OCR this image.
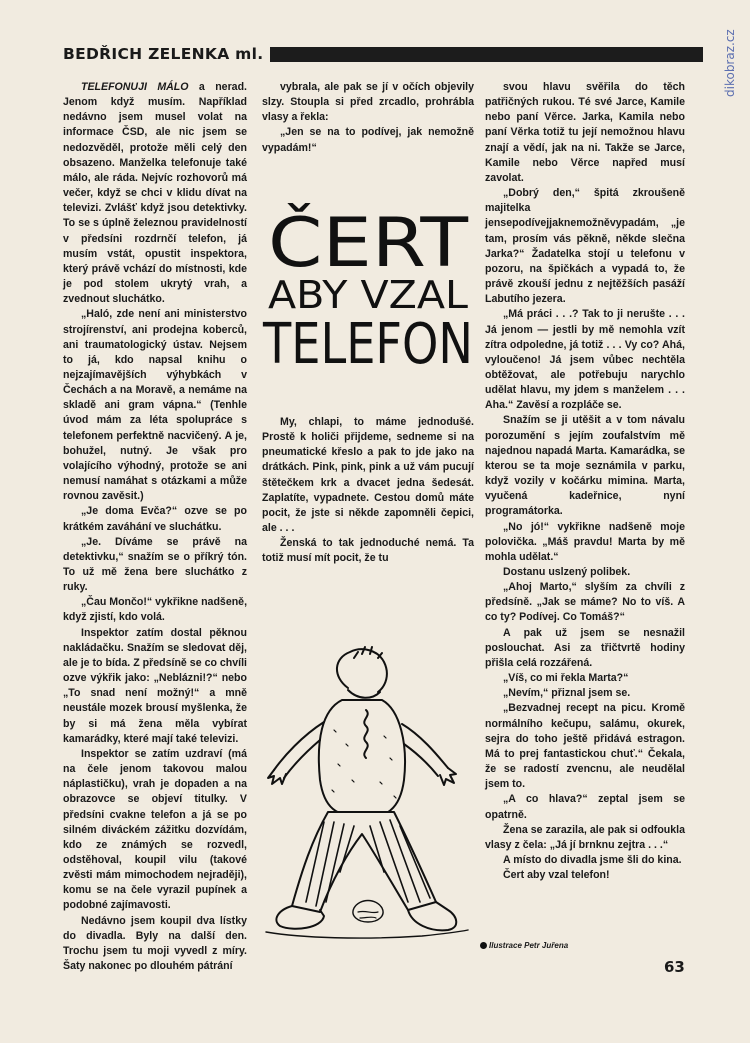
BEDŘICH ZELENKA ml.	dikobraz.cz

TELEFONUJI MÁLO a nerad. Jenom když musím. Například nedávno jsem musel volat na informace ČSD, ale nic jsem se nedozvěděl, protože měli celý den obsazeno. Manželka telefonuje také málo, ale ráda. Nejvíc rozhovorů má večer, když se chci v klidu dívat na televizi. Zvlášť když jsou detektivky. To se s úplně železnou pravidelností v předsíni rozdrnčí telefon, já musím vstát, opustit inspektora, který právě vchází do místnosti, kde je pod stolem ukrytý vrah, a zvednout sluchátko.

„Haló, zde není ani ministerstvo strojírenství, ani prodejna koberců, ani traumatologický ústav. Nejsem to já, kdo napsal knihu o nejzajímavějších výhybkách v Čechách a na Moravě, a nemáme na skladě ani gram vápna.“ (Tenhle úvod mám za léta spolupráce s telefonem perfektně nacvičený. A je, bohužel, nutný. Je však pro volajícího výhodný, protože se ani nemusí namáhat s otázkami a může rovnou zavěsit.)

„Je doma Evča?“ ozve se po krátkém zaváhání ve sluchátku.

„Je. Díváme se právě na detektivku,“ snažím se o příkrý tón. To už mě žena bere sluchátko z ruky.

„Čau Mončo!“ vykřikne nadšeně, když zjistí, kdo volá.

Inspektor zatím dostal pěknou nakládačku. Snažím se sledovat děj, ale je to bída. Z předsíně se co chvíli ozve výkřik jako: „Neblázni!?“ nebo „To snad není možný!“ a mně neustále mozek brousí myšlenka, že by si má žena měla vybírat kamarádky, které mají také televizi.

Inspektor se zatím uzdraví (má na čele jenom takovou malou náplastičku), vrah je dopaden a na obrazovce se objeví titulky. V předsíni cvakne telefon a já se po silném diváckém zážitku dozvídám, kdo ze známých se rozvedl, odstěhoval, koupil vilu (takové zvěsti mám mimochodem nejraději), komu se na čele vyrazil pupínek a podobné zajímavosti.

Nedávno jsem koupil dva lístky do divadla. Byly na další den. Trochu jsem tu moji vyvedl z míry. Šaty nakonec po dlouhém pátrání

vybrala, ale pak se jí v očích objevily slzy. Stoupla si před zrcadlo, prohrábla vlasy a řekla:

„Jen se na to podívej, jak nemožně vypadám!“

ČERT
ABY VZAL
TELEFON

My, chlapi, to máme jednodušé. Prostě k holiči přijdeme, sedneme si na pneumatické křeslo a pak to jde jako na drátkách. Pink, pink, pink a už vám pucují štětečkem krk a dvacet jedna šedesát. Zaplatíte, vypadnete. Cestou domů máte pocit, že jste si někde zapomněli čepici, ale . . .

Ženská to tak jednoduché nemá. Ta totiž musí mít pocit, že tu

svou hlavu svěřila do těch patřičných rukou. Té své Jarce, Kamile nebo paní Věrce. Jarka, Kamila nebo paní Věrka totiž tu její nemožnou hlavu znají a vědí, jak na ni. Takže se Jarce, Kamile nebo Věrce napřed musí zavolat.

„Dobrý den,“ špitá zkroušeně majitelka jensepodívejjaknemožněvypadám, „je tam, prosím vás pěkně, někde slečna Jarka?“ Žadatelka stojí u telefonu v pozoru, na špičkách a vypadá to, že právě zkouší jednu z nejtěžších pasáží Labutího jezera.

„Má práci . . .? Tak to ji nerušte . . . Já jenom — jestli by mě nemohla vzít zítra odpoledne, já totiž . . . Vy co? Ahá, vyloučeno! Já jsem vůbec nechtěla obtěžovat, ale potřebuju narychlo udělat hlavu, my jdem s manželem . . . Aha.“ Zavěsí a rozpláče se.

Snažím se ji utěšit a v tom návalu porozumění s jejím zoufalstvím mě najednou napadá Marta. Kamarádka, se kterou se ta moje seznámila v parku, když vozily v kočárku mimina. Marta, vyučená kadeřnice, nyní programátorka.

„No jó!“ vykřikne nadšeně moje polovička. „Máš pravdu! Marta by mě mohla udělat.“

Dostanu uslzený polibek.

„Ahoj Marto,“ slyším za chvíli z předsíně. „Jak se máme? No to víš. A co ty? Podívej. Co Tomáš?“

A pak už jsem se nesnažil poslouchat. Asi za třičtvrtě hodiny přišla celá rozzářená.

„Víš, co mi řekla Marta?“

„Nevím,“ přiznal jsem se.

„Bezvadnej recept na picu. Kromě normálního kečupu, salámu, okurek, sejra do toho ještě přidává estragon. Má to prej fantastickou chuť.“ Čekala, že se radostí zvencnu, ale neudělal jsem to.

„A co hlava?“ zeptal jsem se opatrně.

Žena se zarazila, ale pak si odfoukla vlasy z čela: „Já jí brnknu zejtra . . .“

A místo do divadla jsme šli do kina.

Čert aby vzal telefon!

Ilustrace Petr Juřena
63
